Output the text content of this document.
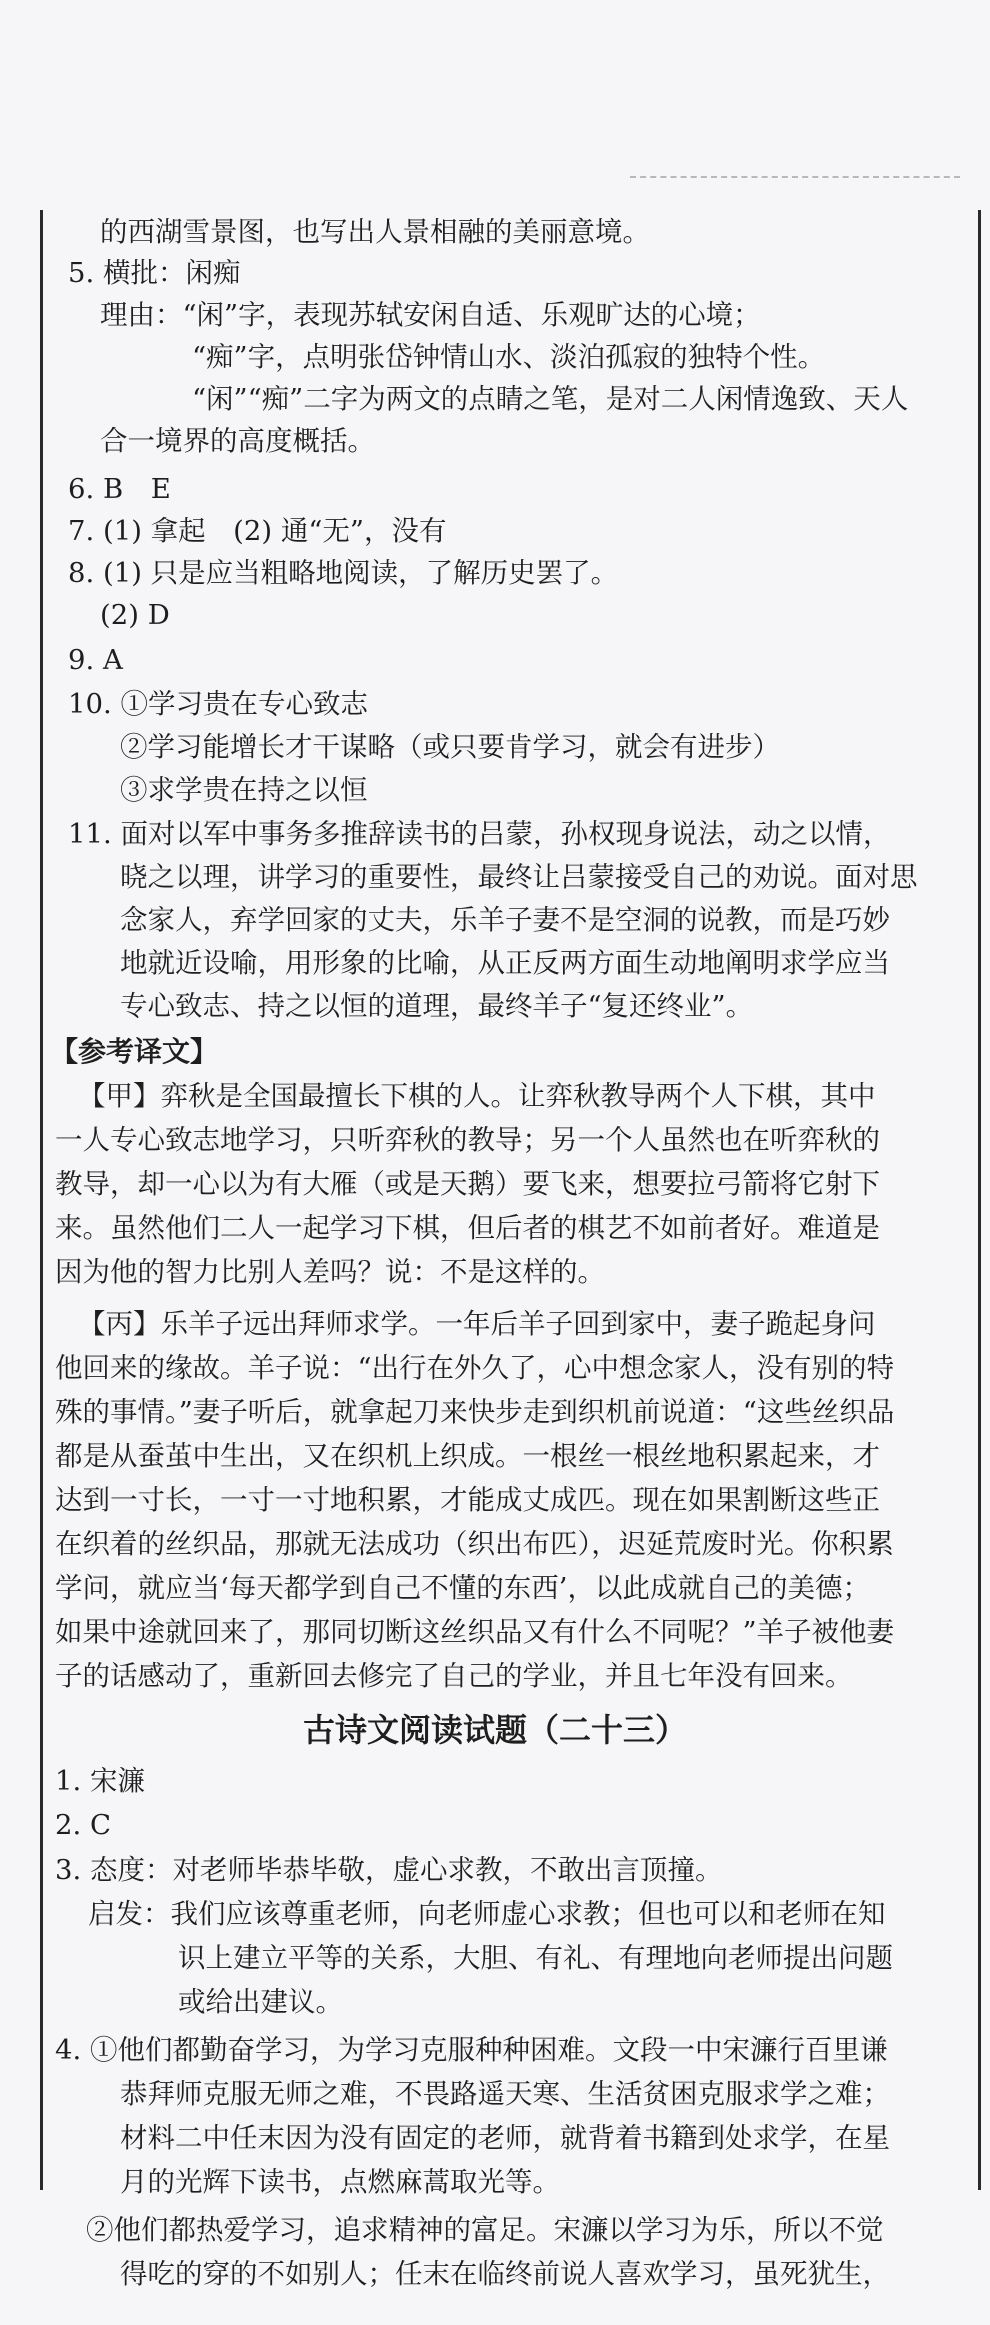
的西湖雪景图，也写出人景相融的美丽意境。
5. 横批：闲痴
理由：“闲”字，表现苏轼安闲自适、乐观旷达的心境；
“痴”字，点明张岱钟情山水、淡泊孤寂的独特个性。
“闲”“痴”二字为两文的点睛之笔，是对二人闲情逸致、天人
合一境界的高度概括。
6. B　E
7. (1) 拿起　(2) 通“无”，没有
8. (1) 只是应当粗略地阅读，了解历史罢了。
(2) D
9. A
10. ①学习贵在专心致志
②学习能增长才干谋略（或只要肯学习，就会有进步）
③求学贵在持之以恒
11. 面对以军中事务多推辞读书的吕蒙，孙权现身说法，动之以情，
晓之以理，讲学习的重要性，最终让吕蒙接受自己的劝说。面对思
念家人，弃学回家的丈夫，乐羊子妻不是空洞的说教，而是巧妙
地就近设喻，用形象的比喻，从正反两方面生动地阐明求学应当
专心致志、持之以恒的道理，最终羊子“复还终业”。
【参考译文】
【甲】弈秋是全国最擅长下棋的人。让弈秋教导两个人下棋，其中
一人专心致志地学习，只听弈秋的教导；另一个人虽然也在听弈秋的
教导，却一心以为有大雁（或是天鹅）要飞来，想要拉弓箭将它射下
来。虽然他们二人一起学习下棋，但后者的棋艺不如前者好。难道是
因为他的智力比别人差吗？说：不是这样的。
【丙】乐羊子远出拜师求学。一年后羊子回到家中，妻子跪起身问
他回来的缘故。羊子说：“出行在外久了，心中想念家人，没有别的特
殊的事情。”妻子听后，就拿起刀来快步走到织机前说道：“这些丝织品
都是从蚕茧中生出，又在织机上织成。一根丝一根丝地积累起来，才
达到一寸长，一寸一寸地积累，才能成丈成匹。现在如果割断这些正
在织着的丝织品，那就无法成功（织出布匹），迟延荒废时光。你积累
学问，就应当‘每天都学到自己不懂的东西’，以此成就自己的美德；
如果中途就回来了，那同切断这丝织品又有什么不同呢？”羊子被他妻
子的话感动了，重新回去修完了自己的学业，并且七年没有回来。
古诗文阅读试题（二十三）
1. 宋濂
2. C
3. 态度：对老师毕恭毕敬，虚心求教，不敢出言顶撞。
启发：我们应该尊重老师，向老师虚心求教；但也可以和老师在知
识上建立平等的关系，大胆、有礼、有理地向老师提出问题
或给出建议。
4. ①他们都勤奋学习，为学习克服种种困难。文段一中宋濂行百里谦
恭拜师克服无师之难，不畏路遥天寒、生活贫困克服求学之难；
材料二中任末因为没有固定的老师，就背着书籍到处求学，在星
月的光辉下读书，点燃麻蒿取光等。
②他们都热爱学习，追求精神的富足。宋濂以学习为乐，所以不觉
得吃的穿的不如别人；任末在临终前说人喜欢学习，虽死犹生，
